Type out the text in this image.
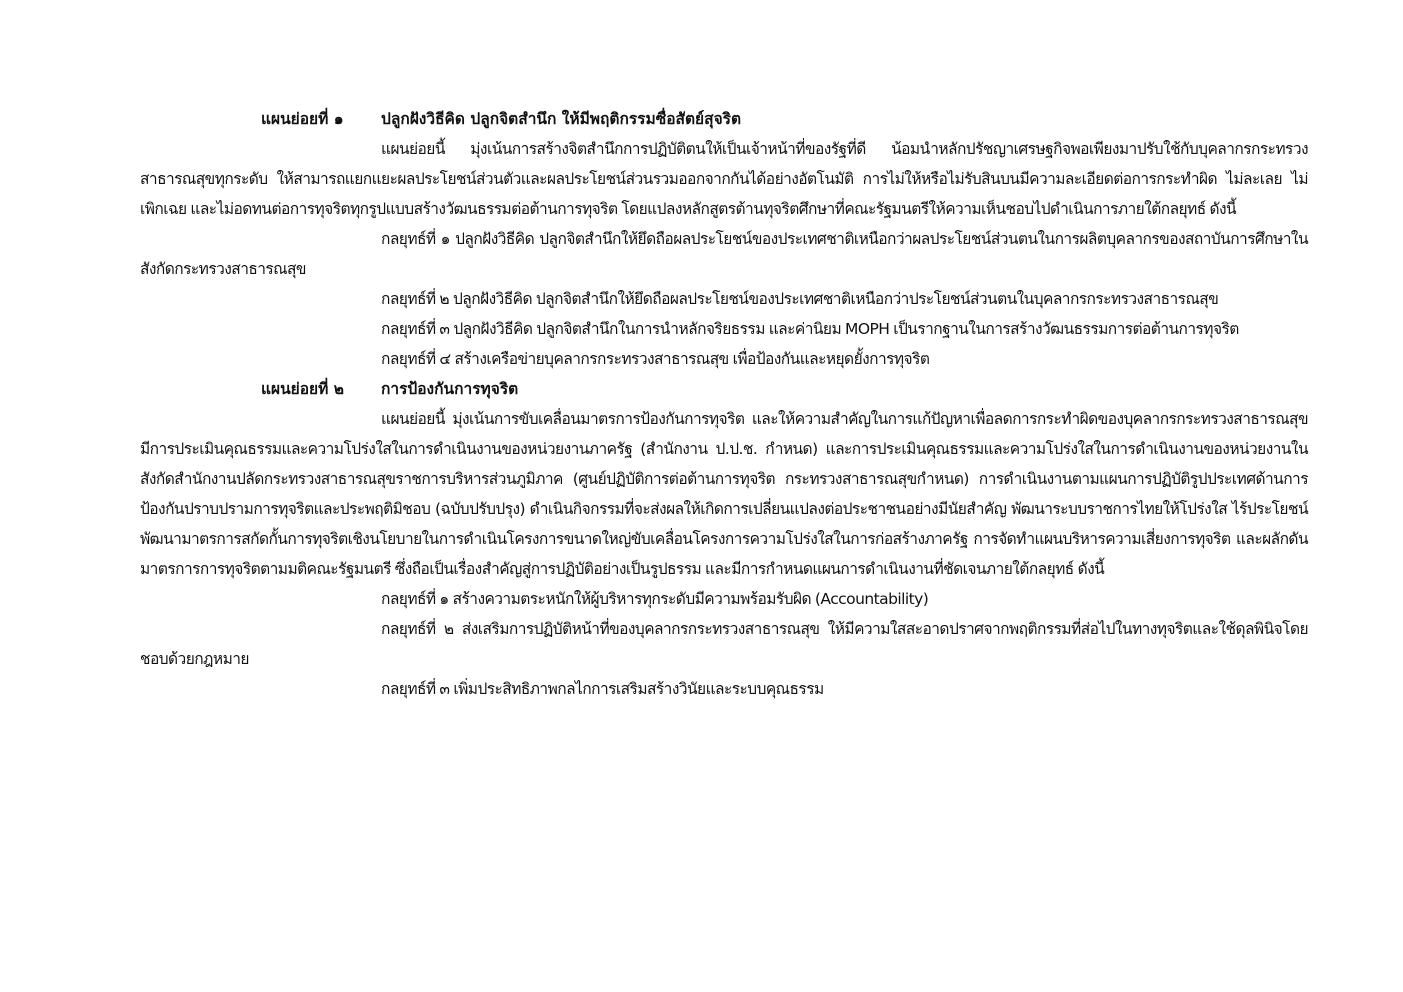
แผนย่อยที่ ๑ ปลูกฝังวิธีคิด ปลูกจิตสำนึก ให้มีพฤติกรรมซื่อสัตย์สุจริต

แผนย่อยนี้ มุ่งเน้นการสร้างจิตสำนึกการปฏิบัติตนให้เป็นเจ้าหน้าที่ของรัฐที่ดี น้อมนำหลักปรัชญาเศรษฐกิจพอเพียงมาปรับใช้กับบุคลากรกระทรวงสาธารณสุขทุกระดับ ให้สามารถแยกแยะผลประโยชน์ส่วนตัวและผลประโยชน์ส่วนรวมออกจากกันได้อย่างอัตโนมัติ การไม่ให้หรือไม่รับสินบนมีความละเอียดต่อการกระทำผิด ไม่ละเลย ไม่เพิกเฉย และไม่อดทนต่อการทุจริตทุกรูปแบบสร้างวัฒนธรรมต่อต้านการทุจริต โดยแปลงหลักสูตรต้านทุจริตศึกษาที่คณะรัฐมนตรีให้ความเห็นชอบไปดำเนินการภายใต้กลยุทธ์ ดังนี้

กลยุทธ์ที่ ๑ ปลูกฝังวิธีคิด ปลูกจิตสำนึกให้ยึดถือผลประโยชน์ของประเทศชาติเหนือกว่าผลประโยชน์ส่วนตนในการผลิตบุคลากรของสถาบันการศึกษาในสังกัดกระทรวงสาธารณสุข

กลยุทธ์ที่ ๒ ปลูกฝังวิธีคิด ปลูกจิตสำนึกให้ยึดถือผลประโยชน์ของประเทศชาติเหนือกว่าประโยชน์ส่วนตนในบุคลากรกระทรวงสาธารณสุข

กลยุทธ์ที่ ๓ ปลูกฝังวิธีคิด ปลูกจิตสำนึกในการนำหลักจริยธรรม และค่านิยม MOPH เป็นรากฐานในการสร้างวัฒนธรรมการต่อต้านการทุจริต

กลยุทธ์ที่ ๔ สร้างเครือข่ายบุคลากรกระทรวงสาธารณสุข เพื่อป้องกันและหยุดยั้งการทุจริต

แผนย่อยที่ ๒ การป้องกันการทุจริต

แผนย่อยนี้ มุ่งเน้นการขับเคลื่อนมาตรการป้องกันการทุจริต และให้ความสำคัญในการแก้ปัญหาเพื่อลดการกระทำผิดของบุคลากรกระทรวงสาธารณสุข มีการประเมินคุณธรรมและความโปร่งใสในการดำเนินงานของหน่วยงานภาครัฐ (สำนักงาน ป.ป.ช. กำหนด) และการประเมินคุณธรรมและความโปร่งใสในการดำเนินงานของหน่วยงานในสังกัดสำนักงานปลัดกระทรวงสาธารณสุขราชการบริหารส่วนภูมิภาค (ศูนย์ปฏิบัติการต่อต้านการทุจริต กระทรวงสาธารณสุขกำหนด) การดำเนินงานตามแผนการปฏิบัติรูปประเทศด้านการป้องกันปราบปรามการทุจริตและประพฤติมิชอบ (ฉบับปรับปรุง) ดำเนินกิจกรรมที่จะส่งผลให้เกิดการเปลี่ยนแปลงต่อประชาชนอย่างมีนัยสำคัญ พัฒนาระบบราชการไทยให้โปร่งใส ไร้ประโยชน์ พัฒนามาตรการสกัดกั้นการทุจริตเชิงนโยบายในการดำเนินโครงการขนาดใหญ่ขับเคลื่อนโครงการความโปร่งใสในการก่อสร้างภาครัฐ การจัดทำแผนบริหารความเสี่ยงการทุจริต และผลักดันมาตรการการทุจริตตามมติคณะรัฐมนตรี ซึ่งถือเป็นเรื่องสำคัญสู่การปฏิบัติอย่างเป็นรูปธรรม และมีการกำหนดแผนการดำเนินงานที่ชัดเจนภายใต้กลยุทธ์ ดังนี้

กลยุทธ์ที่ ๑ สร้างความตระหนักให้ผู้บริหารทุกระดับมีความพร้อมรับผิด (Accountability)

กลยุทธ์ที่ ๒ ส่งเสริมการปฏิบัติหน้าที่ของบุคลากรกระทรวงสาธารณสุข ให้มีความใสสะอาดปราศจากพฤติกรรมที่ส่อไปในทางทุจริตและใช้ดุลพินิจโดยชอบด้วยกฎหมาย

กลยุทธ์ที่ ๓ เพิ่มประสิทธิภาพกลไกการเสริมสร้างวินัยและระบบคุณธรรม
